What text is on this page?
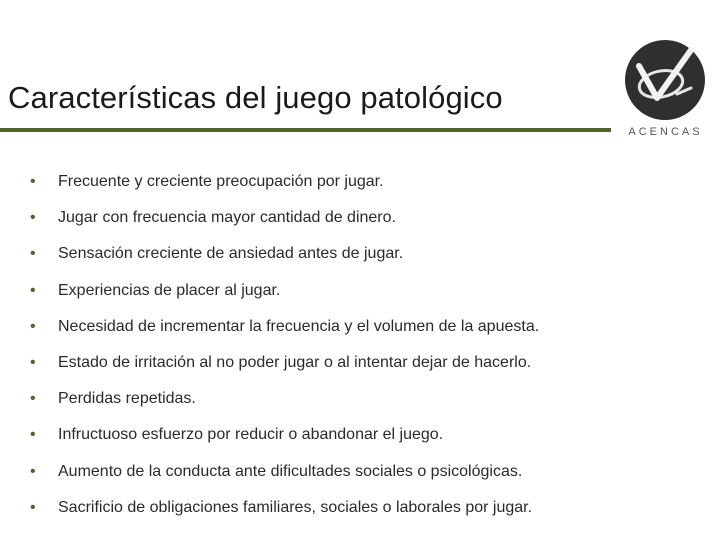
Características del juego patológico
ACENCAS
•	Frecuente y creciente preocupación por jugar.
•	Jugar con frecuencia mayor cantidad de dinero.
•	Sensación creciente de ansiedad antes de jugar.
•	Experiencias de placer al jugar.
•	Necesidad de incrementar la frecuencia y el volumen de la apuesta.
•	Estado de irritación al no poder jugar o al intentar dejar de hacerlo.
•	Perdidas repetidas.
•	Infructuoso esfuerzo por reducir o abandonar el juego.
•	Aumento de la conducta ante dificultades sociales o psicológicas.
•	Sacrificio de obligaciones familiares, sociales o laborales por jugar.
